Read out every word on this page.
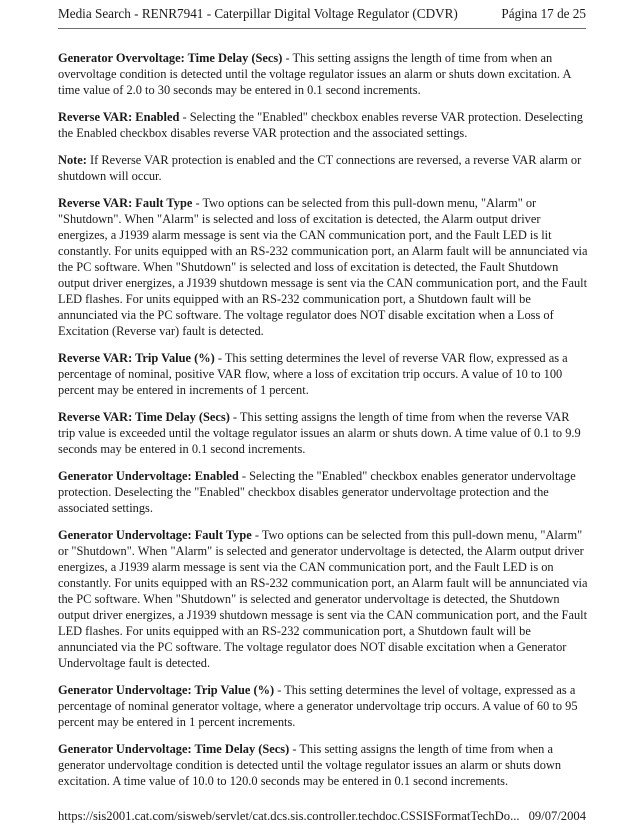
Media Search - RENR7941 - Caterpillar Digital Voltage Regulator (CDVR)	Página 17 de 25

Generator Overvoltage: Time Delay (Secs) - This setting assigns the length of time from when an overvoltage condition is detected until the voltage regulator issues an alarm or shuts down excitation. A time value of 2.0 to 30 seconds may be entered in 0.1 second increments.

Reverse VAR: Enabled - Selecting the "Enabled" checkbox enables reverse VAR protection. Deselecting the Enabled checkbox disables reverse VAR protection and the associated settings.

Note: If Reverse VAR protection is enabled and the CT connections are reversed, a reverse VAR alarm or shutdown will occur.

Reverse VAR: Fault Type - Two options can be selected from this pull-down menu, "Alarm" or "Shutdown". When "Alarm" is selected and loss of excitation is detected, the Alarm output driver energizes, a J1939 alarm message is sent via the CAN communication port, and the Fault LED is lit constantly. For units equipped with an RS-232 communication port, an Alarm fault will be annunciated via the PC software. When "Shutdown" is selected and loss of excitation is detected, the Fault Shutdown output driver energizes, a J1939 shutdown message is sent via the CAN communication port, and the Fault LED flashes. For units equipped with an RS-232 communication port, a Shutdown fault will be annunciated via the PC software. The voltage regulator does NOT disable excitation when a Loss of Excitation (Reverse var) fault is detected.

Reverse VAR: Trip Value (%) - This setting determines the level of reverse VAR flow, expressed as a percentage of nominal, positive VAR flow, where a loss of excitation trip occurs. A value of 10 to 100 percent may be entered in increments of 1 percent.

Reverse VAR: Time Delay (Secs) - This setting assigns the length of time from when the reverse VAR trip value is exceeded until the voltage regulator issues an alarm or shuts down. A time value of 0.1 to 9.9 seconds may be entered in 0.1 second increments.

Generator Undervoltage: Enabled - Selecting the "Enabled" checkbox enables generator undervoltage protection. Deselecting the "Enabled" checkbox disables generator undervoltage protection and the associated settings.

Generator Undervoltage: Fault Type - Two options can be selected from this pull-down menu, "Alarm" or "Shutdown". When "Alarm" is selected and generator undervoltage is detected, the Alarm output driver energizes, a J1939 alarm message is sent via the CAN communication port, and the Fault LED is on constantly. For units equipped with an RS-232 communication port, an Alarm fault will be annunciated via the PC software. When "Shutdown" is selected and generator undervoltage is detected, the Shutdown output driver energizes, a J1939 shutdown message is sent via the CAN communication port, and the Fault LED flashes. For units equipped with an RS-232 communication port, a Shutdown fault will be annunciated via the PC software. The voltage regulator does NOT disable excitation when a Generator Undervoltage fault is detected.

Generator Undervoltage: Trip Value (%) - This setting determines the level of voltage, expressed as a percentage of nominal generator voltage, where a generator undervoltage trip occurs. A value of 60 to 95 percent may be entered in 1 percent increments.

Generator Undervoltage: Time Delay (Secs) - This setting assigns the length of time from when a generator undervoltage condition is detected until the voltage regulator issues an alarm or shuts down excitation. A time value of 10.0 to 120.0 seconds may be entered in 0.1 second increments.

https://sis2001.cat.com/sisweb/servlet/cat.dcs.sis.controller.techdoc.CSSISFormatTechDo... 09/07/2004
